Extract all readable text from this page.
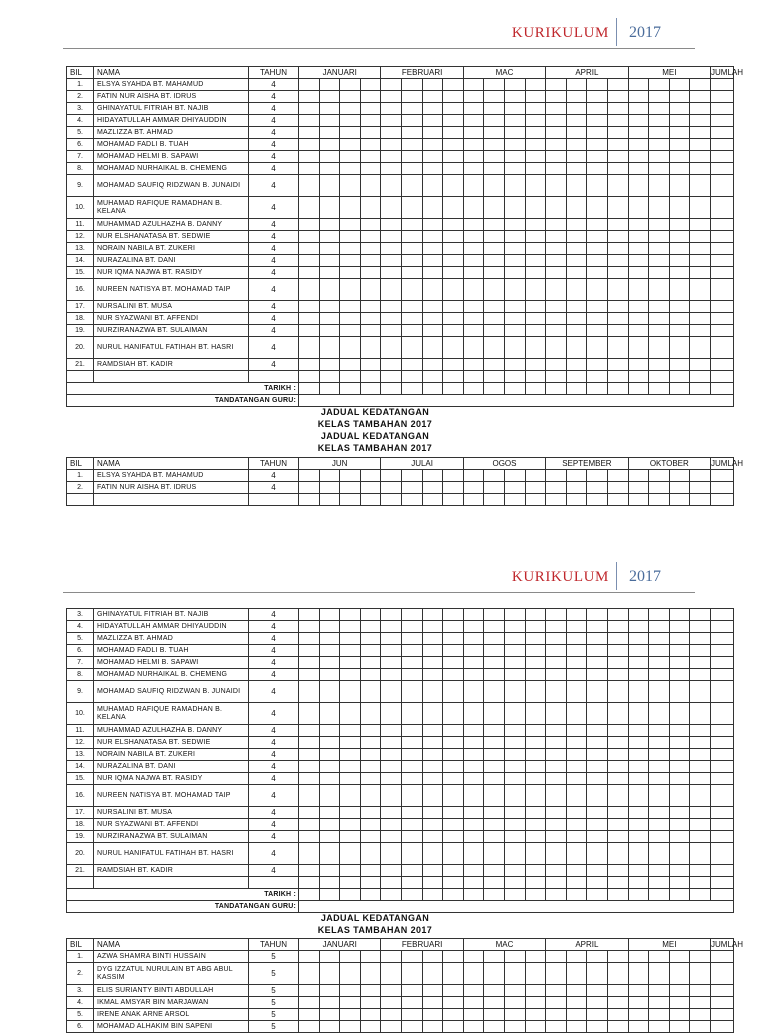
KURIKULUM 2017
BIL	NAMA	TAHUN	JANUARI				FEBRUARI				MAC				APRIL				MEI				JUMLAH
1.	ELSYA SYAHDA BT. MAHAMUD	4																					
2.	FATIN NUR AISHA BT. IDRUS	4																					
3.	GHINAYATUL FITRIAH BT. NAJIB	4																					
4.	HIDAYATULLAH AMMAR DHIYAUDDIN	4																					
5.	MAZLIZZA BT. AHMAD	4																					
6.	MOHAMAD FADLI B. TUAH	4																					
7.	MOHAMAD HELMI B. SAPAWI	4																					
8.	MOHAMAD NURHAIKAL B. CHEMENG	4																					
9.	MOHAMAD SAUFIQ RIDZWAN B. JUNAIDI	4																					
10.	MUHAMAD RAFIQUE RAMADHAN B. KELANA	4																					
11.	MUHAMMAD AZULHAZHA B. DANNY	4																					
12.	NUR ELSHANATASA BT. SEDWIE	4																					
13.	NORAIN NABILA BT. ZUKERI	4																					
14.	NURAZALINA BT. DANI	4																					
15.	NUR IQMA NAJWA BT. RASIDY	4																					
16.	NUREEN NATISYA BT. MOHAMAD TAIP	4																					
17.	NURSALINI BT. MUSA	4																					
18.	NUR SYAZWANI BT. AFFENDI	4																					
19.	NURZIRANAZWA BT. SULAIMAN	4																					
20.	NURUL HANIFATUL FATIHAH BT. HASRI	4																					
21.	RAMDSIAH BT. KADIR	4																					

TARIKH :																							
TANDATANGAN GURU:																							
JADUAL KEDATANGAN
KELAS TAMBAHAN 2017
JADUAL KEDATANGAN
KELAS TAMBAHAN 2017
BIL	NAMA	TAHUN	JUN				JULAI				OGOS				SEPTEMBER				OKTOBER				JUMLAH
1.	ELSYA SYAHDA BT. MAHAMUD	4																					
2.	FATIN NUR AISHA BT. IDRUS	4																					

KURIKULUM 2017
3.	GHINAYATUL FITRIAH BT. NAJIB	4																					
4.	HIDAYATULLAH AMMAR DHIYAUDDIN	4																					
5.	MAZLIZZA BT. AHMAD	4																					
6.	MOHAMAD FADLI B. TUAH	4																					
7.	MOHAMAD HELMI B. SAPAWI	4																					
8.	MOHAMAD NURHAIKAL B. CHEMENG	4																					
9.	MOHAMAD SAUFIQ RIDZWAN B. JUNAIDI	4																					
10.	MUHAMAD RAFIQUE RAMADHAN B. KELANA	4																					
11.	MUHAMMAD AZULHAZHA B. DANNY	4																					
12.	NUR ELSHANATASA BT. SEDWIE	4																					
13.	NORAIN NABILA BT. ZUKERI	4																					
14.	NURAZALINA BT. DANI	4																					
15.	NUR IQMA NAJWA BT. RASIDY	4																					
16.	NUREEN NATISYA BT. MOHAMAD TAIP	4																					
17.	NURSALINI BT. MUSA	4																					
18.	NUR SYAZWANI BT. AFFENDI	4																					
19.	NURZIRANAZWA BT. SULAIMAN	4																					
20.	NURUL HANIFATUL FATIHAH BT. HASRI	4																					
21.	RAMDSIAH BT. KADIR	4																					

TARIKH :																							
TANDATANGAN GURU:																							
JADUAL KEDATANGAN
KELAS TAMBAHAN 2017
BIL	NAMA	TAHUN	JANUARI				FEBRUARI				MAC				APRIL				MEI				JUMLAH
1.	AZWA SHAMRA BINTI HUSSAIN	5																					
2.	DYG IZZATUL NURULAIN BT ABG ABUL KASSIM	5																					
3.	ELIS SURIANTY BINTI ABDULLAH	5																					
4.	IKMAL AMSYAR BIN MARJAWAN	5																					
5.	IRENE ANAK ARNE ARSOL	5																					
6.	MOHAMAD ALHAKIM BIN SAPENI	5																					
